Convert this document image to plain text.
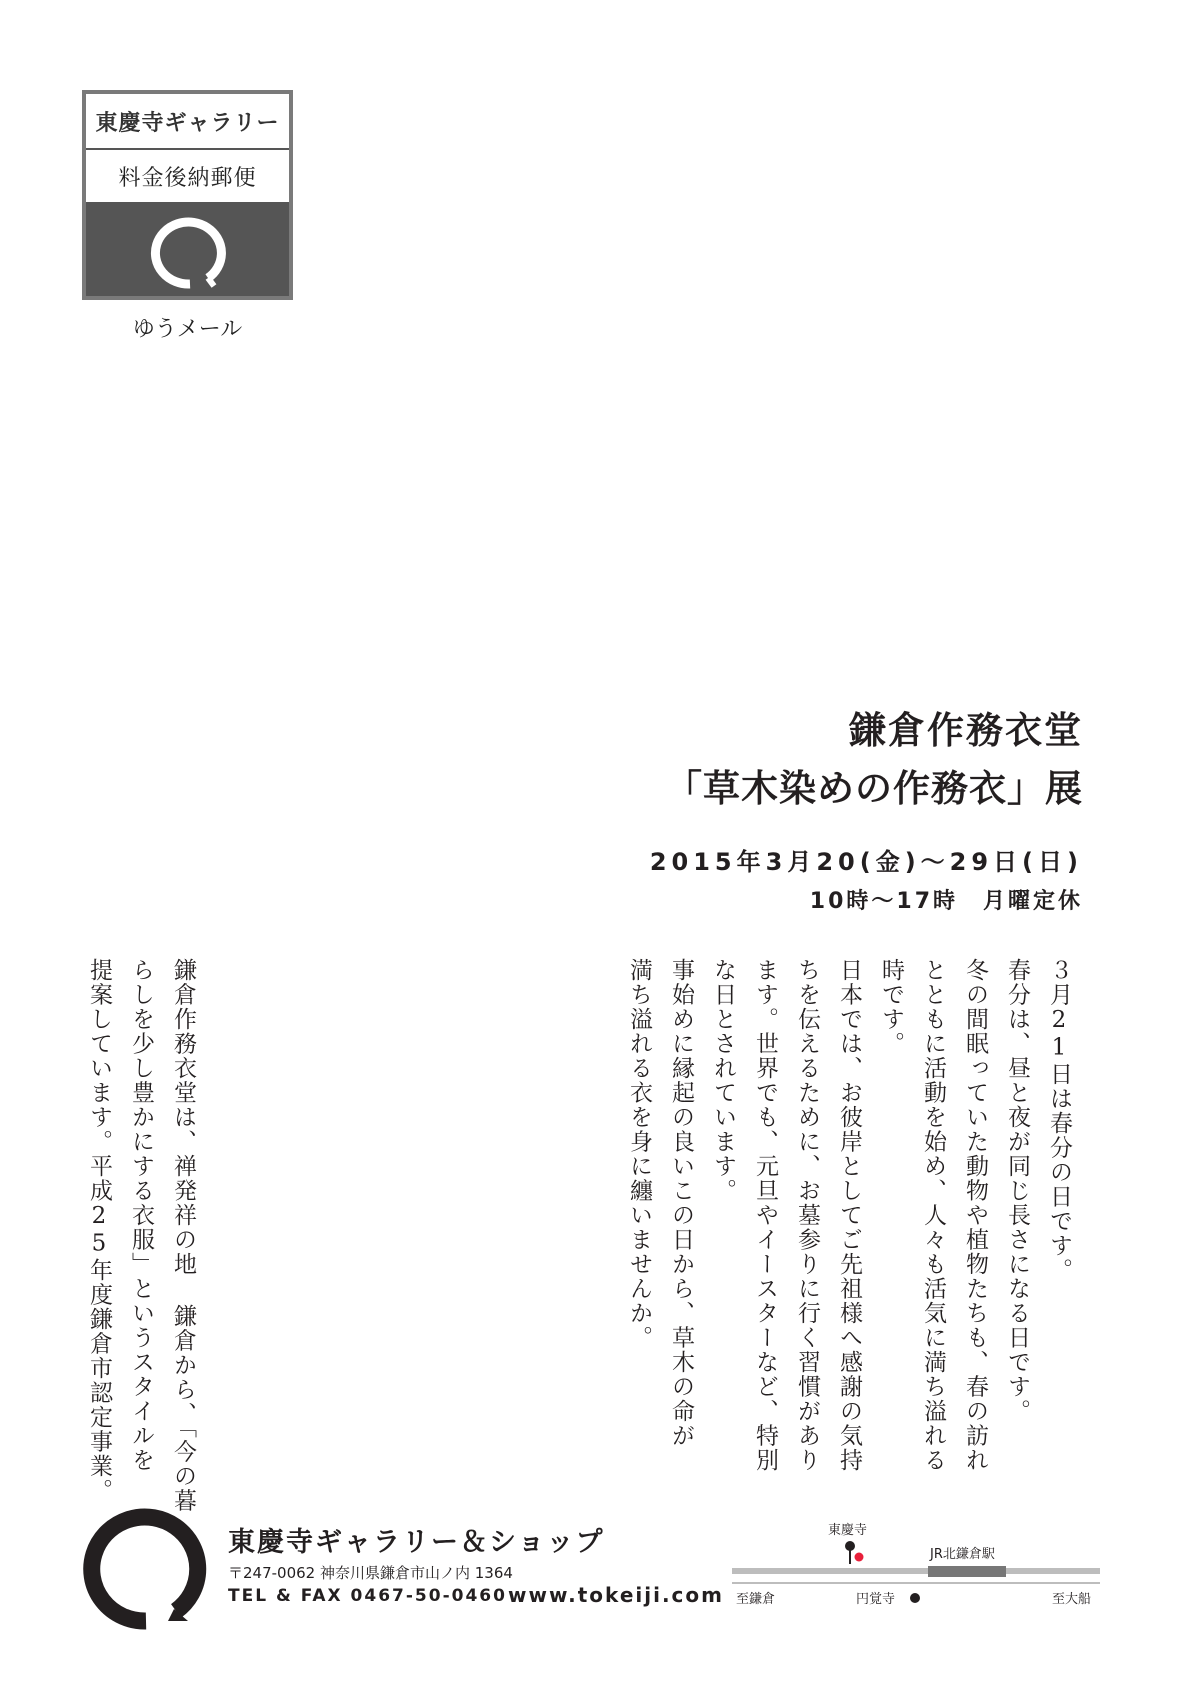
東慶寺ギャラリー
料金後納郵便
ゆうメール
鎌倉作務衣堂
「草木染めの作務衣」展
2015年3月20(金)〜29日(日)
10時〜17時　月曜定休
３月21日は春分の日です。
春分は、昼と夜が同じ長さになる日です。
冬の間眠っていた動物や植物たちも、春の訪れ
とともに活動を始め、人々も活気に満ち溢れる
時です。
日本では、お彼岸としてご先祖様へ感謝の気持
ちを伝えるために、お墓参りに行く習慣があり
ます。世界でも、元旦やイースターなど、特別
な日とされています。
事始めに縁起の良いこの日から、草木の命が
満ち溢れる衣を身に纏いませんか。
鎌倉作務衣堂は、禅発祥の地 鎌倉から、「今の暮
らしを少し豊かにする衣服」というスタイルを
提案しています。平成25年度鎌倉市認定事業。
東慶寺ギャラリー＆ショップ
〒247-0062 神奈川県鎌倉市山ノ内 1364
TEL & FAX 0467-50-0460 www.tokeiji.com
東慶寺
JR北鎌倉駅
至鎌倉	円覚寺	至大船
